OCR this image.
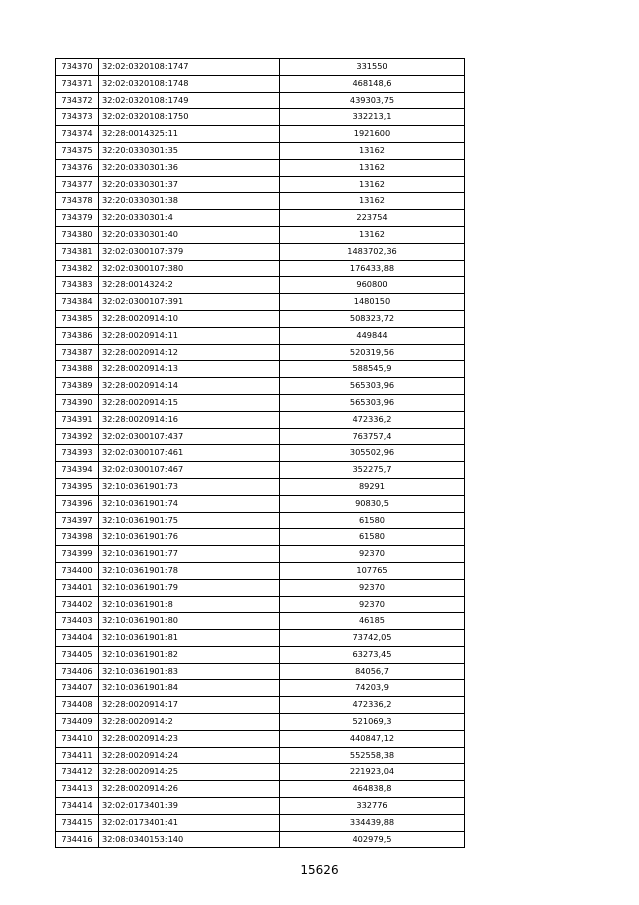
734370	32:02:0320108:1747	331550
734371	32:02:0320108:1748	468148,6
734372	32:02:0320108:1749	439303,75
734373	32:02:0320108:1750	332213,1
734374	32:28:0014325:11	1921600
734375	32:20:0330301:35	13162
734376	32:20:0330301:36	13162
734377	32:20:0330301:37	13162
734378	32:20:0330301:38	13162
734379	32:20:0330301:4	223754
734380	32:20:0330301:40	13162
734381	32:02:0300107:379	1483702,36
734382	32:02:0300107:380	176433,88
734383	32:28:0014324:2	960800
734384	32:02:0300107:391	1480150
734385	32:28:0020914:10	508323,72
734386	32:28:0020914:11	449844
734387	32:28:0020914:12	520319,56
734388	32:28:0020914:13	588545,9
734389	32:28:0020914:14	565303,96
734390	32:28:0020914:15	565303,96
734391	32:28:0020914:16	472336,2
734392	32:02:0300107:437	763757,4
734393	32:02:0300107:461	305502,96
734394	32:02:0300107:467	352275,7
734395	32:10:0361901:73	89291
734396	32:10:0361901:74	90830,5
734397	32:10:0361901:75	61580
734398	32:10:0361901:76	61580
734399	32:10:0361901:77	92370
734400	32:10:0361901:78	107765
734401	32:10:0361901:79	92370
734402	32:10:0361901:8	92370
734403	32:10:0361901:80	46185
734404	32:10:0361901:81	73742,05
734405	32:10:0361901:82	63273,45
734406	32:10:0361901:83	84056,7
734407	32:10:0361901:84	74203,9
734408	32:28:0020914:17	472336,2
734409	32:28:0020914:2	521069,3
734410	32:28:0020914:23	440847,12
734411	32:28:0020914:24	552558,38
734412	32:28:0020914:25	221923,04
734413	32:28:0020914:26	464838,8
734414	32:02:0173401:39	332776
734415	32:02:0173401:41	334439,88
734416	32:08:0340153:140	402979,5
15626
